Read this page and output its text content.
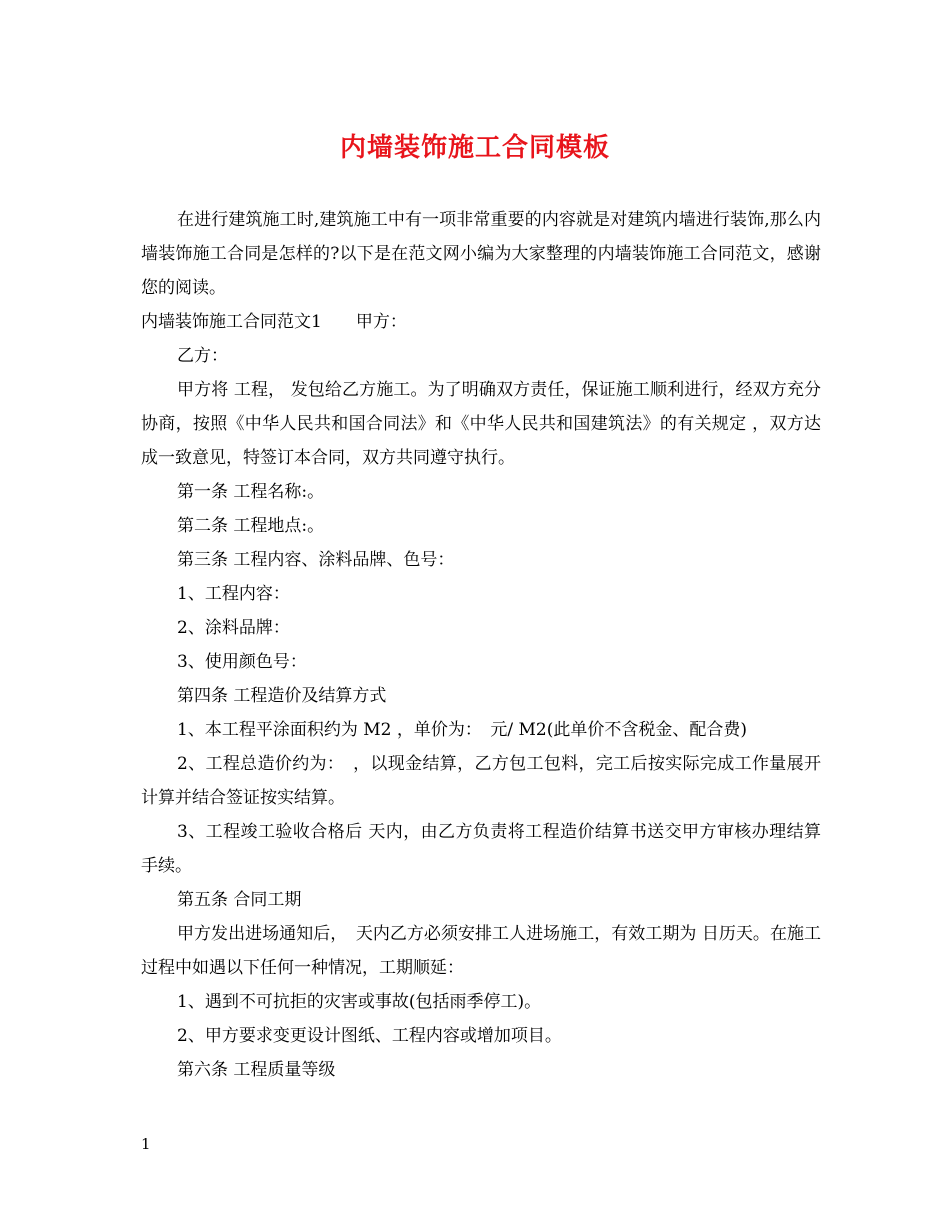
内墙装饰施工合同模板

在进行建筑施工时,建筑施工中有一项非常重要的内容就是对建筑内墙进行装饰,那么内墙装饰施工合同是怎样的?以下是在范文网小编为大家整理的内墙装饰施工合同范文，感谢您的阅读。

内墙装饰施工合同范文1　　甲方：

乙方：

甲方将 工程， 发包给乙方施工。为了明确双方责任，保证施工顺利进行，经双方充分协商，按照《中华人民共和国合同法》和《中华人民共和国建筑法》的有关规定 ，双方达成一致意见，特签订本合同，双方共同遵守执行。

第一条 工程名称:。

第二条 工程地点:。

第三条 工程内容、涂料品牌、色号：

1、工程内容：

2、涂料品牌：

3、使用颜色号：

第四条 工程造价及结算方式

1、本工程平涂面积约为 M2 ，单价为：　元/ M2(此单价不含税金、配合费)

2、工程总造价约为：　，以现金结算，乙方包工包料，完工后按实际完成工作量展开计算并结合签证按实结算。

3、工程竣工验收合格后 天内，由乙方负责将工程造价结算书送交甲方审核办理结算手续。

第五条 合同工期

甲方发出进场通知后，　天内乙方必须安排工人进场施工，有效工期为 日历天。在施工过程中如遇以下任何一种情况，工期顺延：

1、遇到不可抗拒的灾害或事故(包括雨季停工)。

2、甲方要求变更设计图纸、工程内容或增加项目。

第六条 工程质量等级

1
